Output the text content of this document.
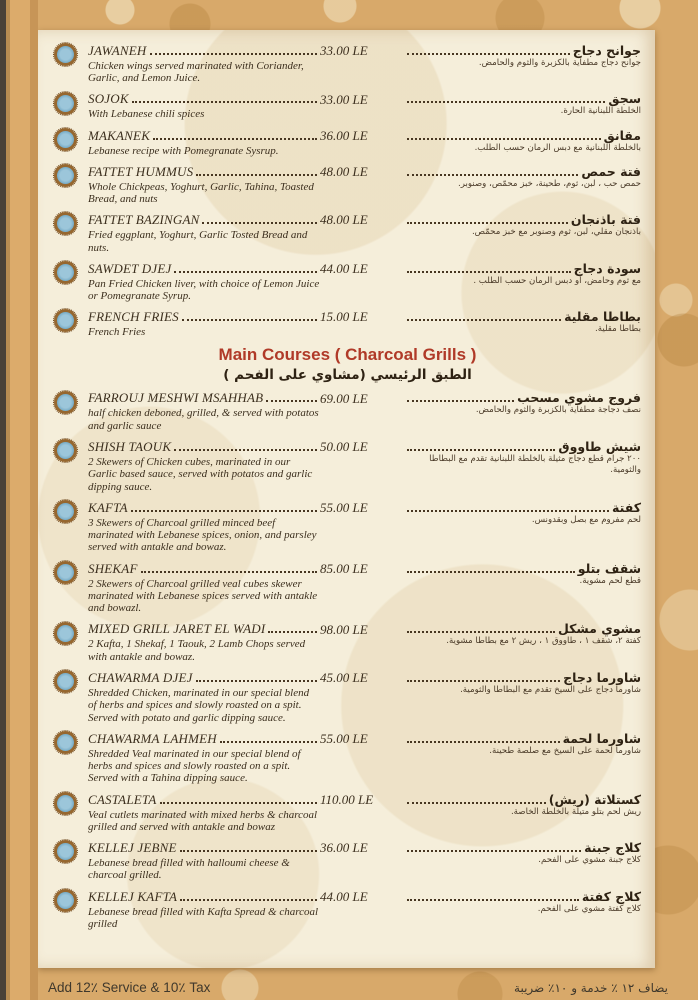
JAWANEH
Chicken wings served marinated with Coriander, Garlic, and Lemon Juice.
33.00 LE	جوانح دجاج
جوانح دجاج مطفاية بالكزبرة والثوم والحامض.
SOJOK
With Lebanese chili spices
33.00 LE	سجق
الخلطة اللبنانية الحارة.
MAKANEK
Lebanese recipe with Pomegranate Sysrup.
36.00 LE	مقانق
بالخلطة اللبنانية مع دبس الرمان حسب الطلب.
FATTET HUMMUS
Whole Chickpeas, Yoghurt, Garlic, Tahina, Toasted Bread, and nuts
48.00 LE	فتة حمص
حمص حب ، لبن، ثوم، طحينة، خبز محمّص، وصنوبر.
FATTET BAZINGAN
Fried eggplant, Yoghurt, Garlic Tosted Bread and nuts.
48.00 LE	فتة باذنجان
باذنجان مقلي، لبن، ثوم وصنوبر مع خبز محمّص.
SAWDET DJEJ
Pan Fried Chicken liver, with choice of Lemon Juice or Pomegranate Syrup.
44.00 LE	سودة دجاج
مع ثوم وحامض، أو دبس الرمان حسب الطلب .
FRENCH FRIES
French Fries
15.00 LE	بطاطا مقلية
بطاطا مقلية.
Main Courses ( Charcoal Grills )
الطبق الرئيسي (مشاوي على الفحم )
FARROUJ MESHWI MSAHHAB
half chicken deboned, grilled, & served with potatos and garlic sauce
69.00 LE	فروج مشوي مسحب
نصف دجاجة مطفاية بالكزبرة والثوم والحامض.
SHISH TAOUK
2 Skewers of Chicken cubes, marinated in our Garlic based sauce, served with potatos and garlic dipping sauce.
50.00 LE	شيش طاووق
٢٠٠ جرام قطع دجاج مثيلة بالخلطة اللبنانية تقدم مع البطاطا والثومية.
KAFTA
3 Skewers of Charcoal grilled minced beef marinated with Lebanese spices, onion, and parsley served with antakle and bowaz.
55.00 LE	كفتة
لحم مفروم مع بصل وبقدونس.
SHEKAF
2 Skewers of Charcoal grilled veal cubes skewer marinated with Lebanese spices served with antakle and bowazl.
85.00 LE	شقف بتلو
قطع لحم مشوية.
MIXED GRILL JARET EL WADI
2 Kafta, 1 Shekaf, 1 Taouk, 2 Lamb Chops served with antakle and bowaz.
98.00 LE	مشوي مشكل
كفتة ٢، شقف ١ ، طاووق ١ ، ريش ٢ مع بطاطا مشوية.
CHAWARMA DJEJ
Shredded Chicken, marinated in our special blend of herbs and spices and slowly roasted on a spit. Served with potato and garlic dipping sauce.
45.00 LE	شاورما دجاج
شاورما دجاج على السيخ تقدم مع البطاطا والثومية.
CHAWARMA LAHMEH
Shredded Veal marinated in our special blend of herbs and spices and slowly roasted on a spit. Served with a Tahina dipping sauce.
55.00 LE	شاورما لحمة
شاورما لحمة على السيخ مع صلصة طحينة.
CASTALETA
Veal cutlets marinated with mixed herbs & charcoal grilled and served with antakle and bowaz
110.00 LE	كستلاتة (ريش)
ريش لحم بتلو متيلة بالخلطة الخاصة.
KELLEJ JEBNE
Lebanese bread filled with halloumi cheese & charcoal grilled.
36.00 LE	كلاج جبنة
كلاج جبنة مشوي على الفحم.
KELLEJ KAFTA
Lebanese bread filled with Kafta Spread & charcoal grilled
44.00 LE	كلاج كفتة
كلاج كفتة مشوي على الفحم.
Add 12٪ Service & 10٪ Tax	يضاف ١٢ ٪ خدمة و ١٠٪ ضريبة
